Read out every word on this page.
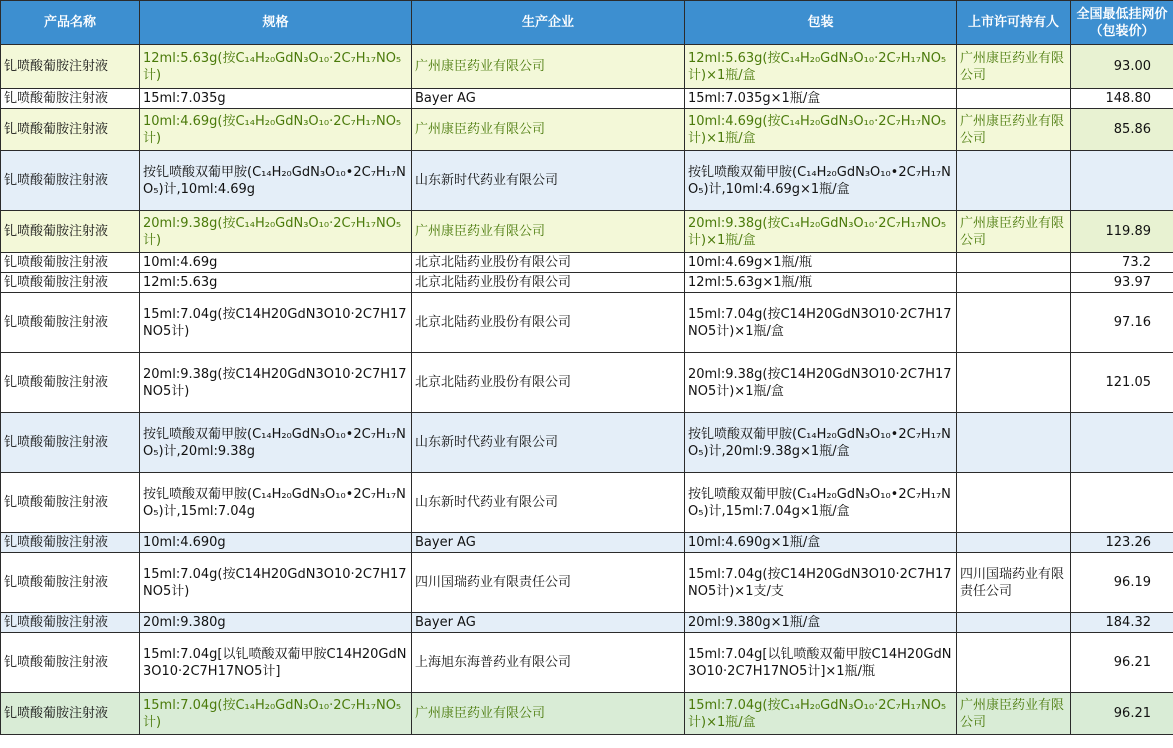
产品名称	规格	生产企业	包装	上市许可持有人	全国最低挂网价（包装价）
钆喷酸葡胺注射液	12ml:5.63g(按C₁₄H₂₀GdN₃O₁₀·2C₇H₁₇NO₅计)	广州康臣药业有限公司	12ml:5.63g(按C₁₄H₂₀GdN₃O₁₀·2C₇H₁₇NO₅计)×1瓶/盒	广州康臣药业有限公司	93.00
钆喷酸葡胺注射液	15ml:7.035g	Bayer AG	15ml:7.035g×1瓶/盒		148.80
钆喷酸葡胺注射液	10ml:4.69g(按C₁₄H₂₀GdN₃O₁₀·2C₇H₁₇NO₅计)	广州康臣药业有限公司	10ml:4.69g(按C₁₄H₂₀GdN₃O₁₀·2C₇H₁₇NO₅计)×1瓶/盒	广州康臣药业有限公司	85.86
钆喷酸葡胺注射液	按钆喷酸双葡甲胺(C₁₄H₂₀GdN₃O₁₀•2C₇H₁₇NO₅)计,10ml:4.69g	山东新时代药业有限公司	按钆喷酸双葡甲胺(C₁₄H₂₀GdN₃O₁₀•2C₇H₁₇NO₅)计,10ml:4.69g×1瓶/盒		
钆喷酸葡胺注射液	20ml:9.38g(按C₁₄H₂₀GdN₃O₁₀·2C₇H₁₇NO₅计)	广州康臣药业有限公司	20ml:9.38g(按C₁₄H₂₀GdN₃O₁₀·2C₇H₁₇NO₅计)×1瓶/盒	广州康臣药业有限公司	119.89
钆喷酸葡胺注射液	10ml:4.69g	北京北陆药业股份有限公司	10ml:4.69g×1瓶/瓶		73.2
钆喷酸葡胺注射液	12ml:5.63g	北京北陆药业股份有限公司	12ml:5.63g×1瓶/瓶		93.97
钆喷酸葡胺注射液	15ml:7.04g(按C14H20GdN3O10·2C7H17NO5计)	北京北陆药业股份有限公司	15ml:7.04g(按C14H20GdN3O10·2C7H17NO5计)×1瓶/盒		97.16
钆喷酸葡胺注射液	20ml:9.38g(按C14H20GdN3O10·2C7H17NO5计)	北京北陆药业股份有限公司	20ml:9.38g(按C14H20GdN3O10·2C7H17NO5计)×1瓶/盒		121.05
钆喷酸葡胺注射液	按钆喷酸双葡甲胺(C₁₄H₂₀GdN₃O₁₀•2C₇H₁₇NO₅)计,20ml:9.38g	山东新时代药业有限公司	按钆喷酸双葡甲胺(C₁₄H₂₀GdN₃O₁₀•2C₇H₁₇NO₅)计,20ml:9.38g×1瓶/盒		
钆喷酸葡胺注射液	按钆喷酸双葡甲胺(C₁₄H₂₀GdN₃O₁₀•2C₇H₁₇NO₅)计,15ml:7.04g	山东新时代药业有限公司	按钆喷酸双葡甲胺(C₁₄H₂₀GdN₃O₁₀•2C₇H₁₇NO₅)计,15ml:7.04g×1瓶/盒		
钆喷酸葡胺注射液	10ml:4.690g	Bayer AG	10ml:4.690g×1瓶/盒		123.26
钆喷酸葡胺注射液	15ml:7.04g(按C14H20GdN3O10·2C7H17NO5计)	四川国瑞药业有限责任公司	15ml:7.04g(按C14H20GdN3O10·2C7H17NO5计)×1支/支	四川国瑞药业有限责任公司	96.19
钆喷酸葡胺注射液	20ml:9.380g	Bayer AG	20ml:9.380g×1瓶/盒		184.32
钆喷酸葡胺注射液	15ml:7.04g[以钆喷酸双葡甲胺C14H20GdN3O10·2C7H17NO5计]	上海旭东海普药业有限公司	15ml:7.04g[以钆喷酸双葡甲胺C14H20GdN3O10·2C7H17NO5计]×1瓶/瓶		96.21
钆喷酸葡胺注射液	15ml:7.04g(按C₁₄H₂₀GdN₃O₁₀·2C₇H₁₇NO₅计)	广州康臣药业有限公司	15ml:7.04g(按C₁₄H₂₀GdN₃O₁₀·2C₇H₁₇NO₅计)×1瓶/盒	广州康臣药业有限公司	96.21
